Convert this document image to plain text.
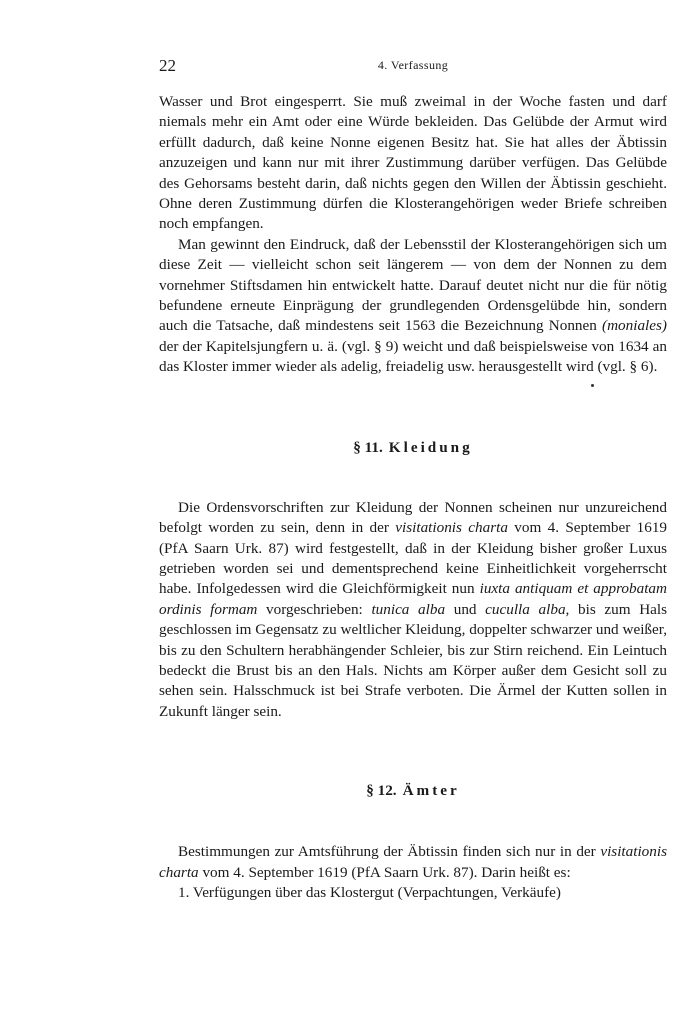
22	4. Verfassung

Wasser und Brot eingesperrt. Sie muß zweimal in der Woche fasten und darf niemals mehr ein Amt oder eine Würde bekleiden. Das Gelübde der Armut wird erfüllt dadurch, daß keine Nonne eigenen Besitz hat. Sie hat alles der Äbtissin anzuzeigen und kann nur mit ihrer Zustimmung darüber verfügen. Das Gelübde des Gehorsams besteht darin, daß nichts gegen den Willen der Äbtissin geschieht. Ohne deren Zustimmung dürfen die Klosterangehörigen weder Briefe schreiben noch empfangen.

Man gewinnt den Eindruck, daß der Lebensstil der Klosterangehörigen sich um diese Zeit — vielleicht schon seit längerem — von dem der Nonnen zu dem vornehmer Stiftsdamen hin entwickelt hatte. Darauf deutet nicht nur die für nötig befundene erneute Einprägung der grundlegenden Ordensgelübde hin, sondern auch die Tatsache, daß mindestens seit 1563 die Bezeichnung Nonnen (moniales) der der Kapitelsjungfern u. ä. (vgl. § 9) weicht und daß beispielsweise von 1634 an das Kloster immer wieder als adelig, freiadelig usw. herausgestellt wird (vgl. § 6).

§ 11. Kleidung

Die Ordensvorschriften zur Kleidung der Nonnen scheinen nur unzureichend befolgt worden zu sein, denn in der visitationis charta vom 4. September 1619 (PfA Saarn Urk. 87) wird festgestellt, daß in der Kleidung bisher großer Luxus getrieben worden sei und dementsprechend keine Einheitlichkeit vorgeherrscht habe. Infolgedessen wird die Gleichförmigkeit nun iuxta antiquam et approbatam ordinis formam vorgeschrieben: tunica alba und cuculla alba, bis zum Hals geschlossen im Gegensatz zu weltlicher Kleidung, doppelter schwarzer und weißer, bis zu den Schultern herabhängender Schleier, bis zur Stirn reichend. Ein Leintuch bedeckt die Brust bis an den Hals. Nichts am Körper außer dem Gesicht soll zu sehen sein. Halsschmuck ist bei Strafe verboten. Die Ärmel der Kutten sollen in Zukunft länger sein.

§ 12. Ämter

Bestimmungen zur Amtsführung der Äbtissin finden sich nur in der visitationis charta vom 4. September 1619 (PfA Saarn Urk. 87). Darin heißt es:

1. Verfügungen über das Klostergut (Verpachtungen, Verkäufe)
